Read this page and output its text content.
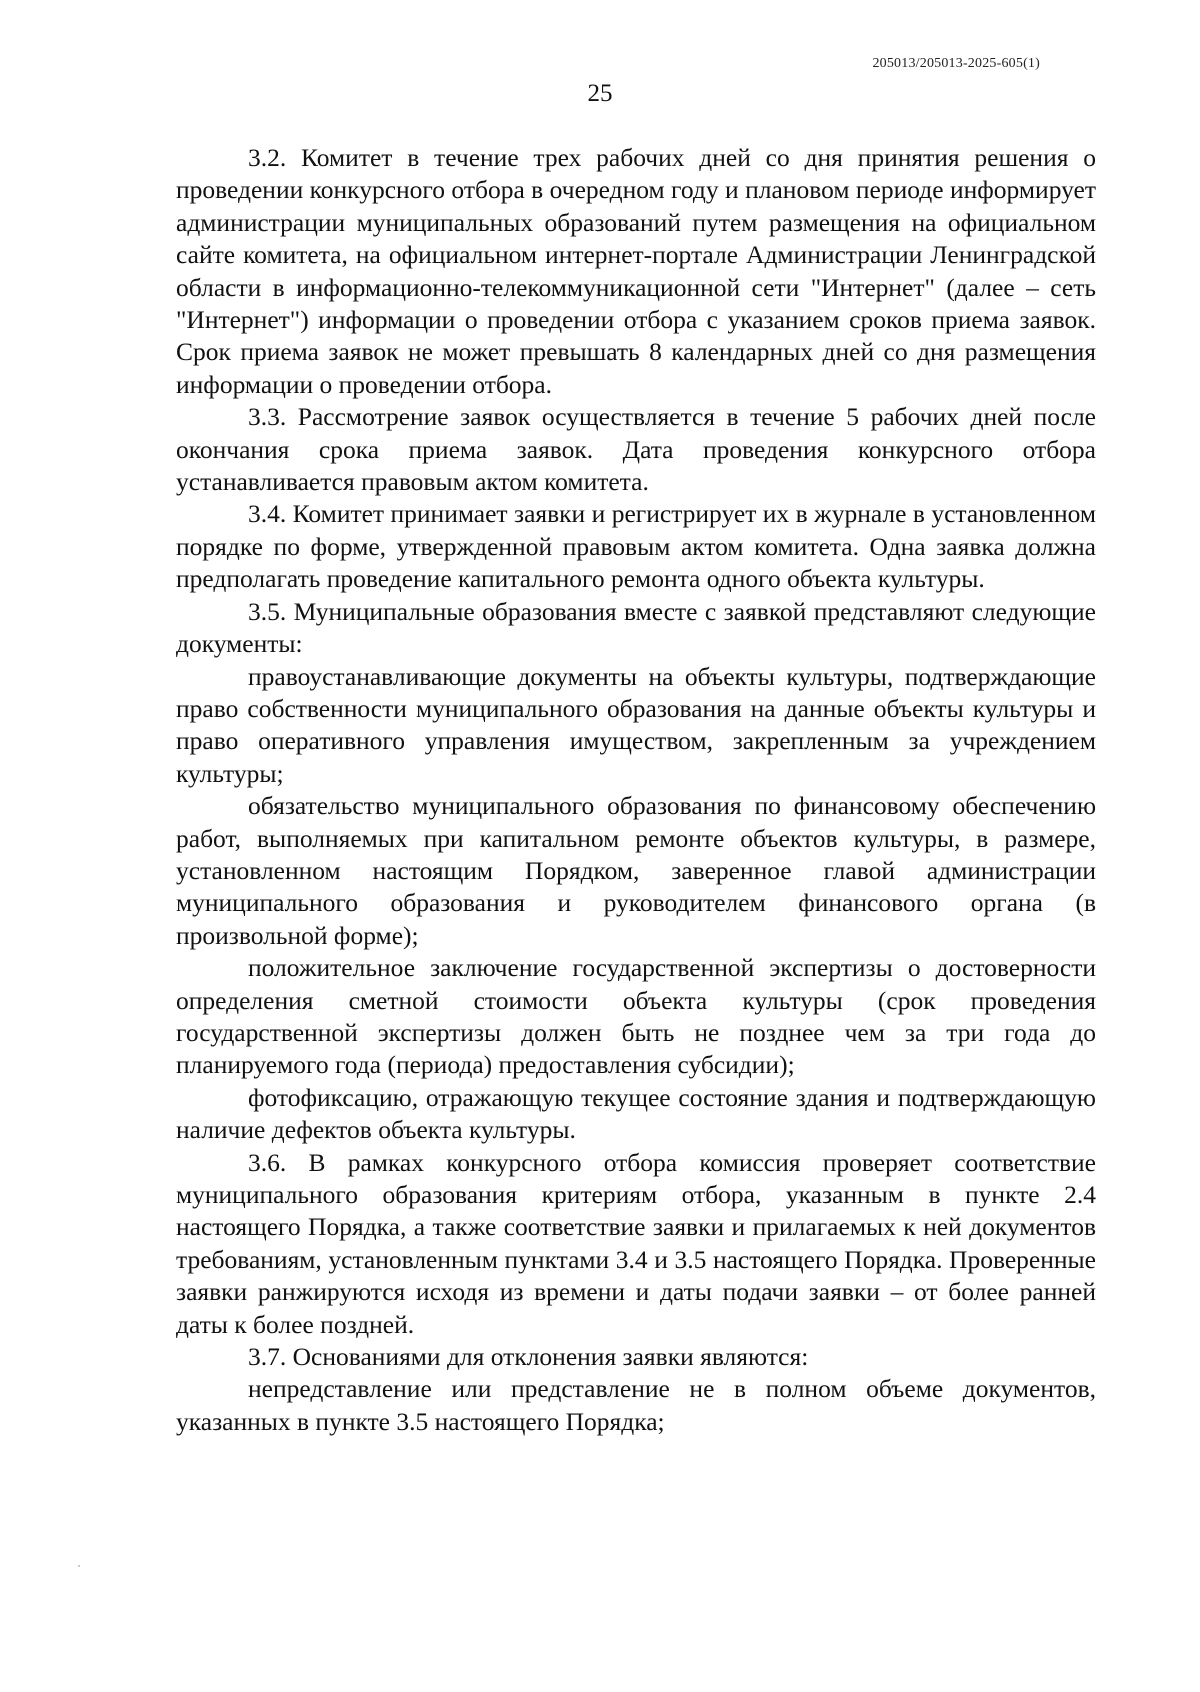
205013/205013-2025-605(1)
25

3.2. Комитет в течение трех рабочих дней со дня принятия решения о проведении конкурсного отбора в очередном году и плановом периоде информирует администрации муниципальных образований путем размещения на официальном сайте комитета, на официальном интернет-портале Администрации Ленинградской области в информационно-телекоммуникационной сети "Интернет" (далее – сеть "Интернет") информации о проведении отбора с указанием сроков приема заявок. Срок приема заявок не может превышать 8 календарных дней со дня размещения информации о проведении отбора.

3.3. Рассмотрение заявок осуществляется в течение 5 рабочих дней после окончания срока приема заявок. Дата проведения конкурсного отбора устанавливается правовым актом комитета.

3.4. Комитет принимает заявки и регистрирует их в журнале в установленном порядке по форме, утвержденной правовым актом комитета. Одна заявка должна предполагать проведение капитального ремонта одного объекта культуры.

3.5. Муниципальные образования вместе с заявкой представляют следующие документы:

правоустанавливающие документы на объекты культуры, подтверждающие право собственности муниципального образования на данные объекты культуры и право оперативного управления имуществом, закрепленным за учреждением культуры;

обязательство муниципального образования по финансовому обеспечению работ, выполняемых при капитальном ремонте объектов культуры, в размере, установленном настоящим Порядком, заверенное главой администрации муниципального образования и руководителем финансового органа (в произвольной форме);

положительное заключение государственной экспертизы о достоверности определения сметной стоимости объекта культуры (срок проведения государственной экспертизы должен быть не позднее чем за три года до планируемого года (периода) предоставления субсидии);

фотофиксацию, отражающую текущее состояние здания и подтверждающую наличие дефектов объекта культуры.

3.6. В рамках конкурсного отбора комиссия проверяет соответствие муниципального образования критериям отбора, указанным в пункте 2.4 настоящего Порядка, а также соответствие заявки и прилагаемых к ней документов требованиям, установленным пунктами 3.4 и 3.5 настоящего Порядка. Проверенные заявки ранжируются исходя из времени и даты подачи заявки – от более ранней даты к более поздней.

3.7. Основаниями для отклонения заявки являются:

непредставление или представление не в полном объеме документов, указанных в пункте 3.5 настоящего Порядка;
